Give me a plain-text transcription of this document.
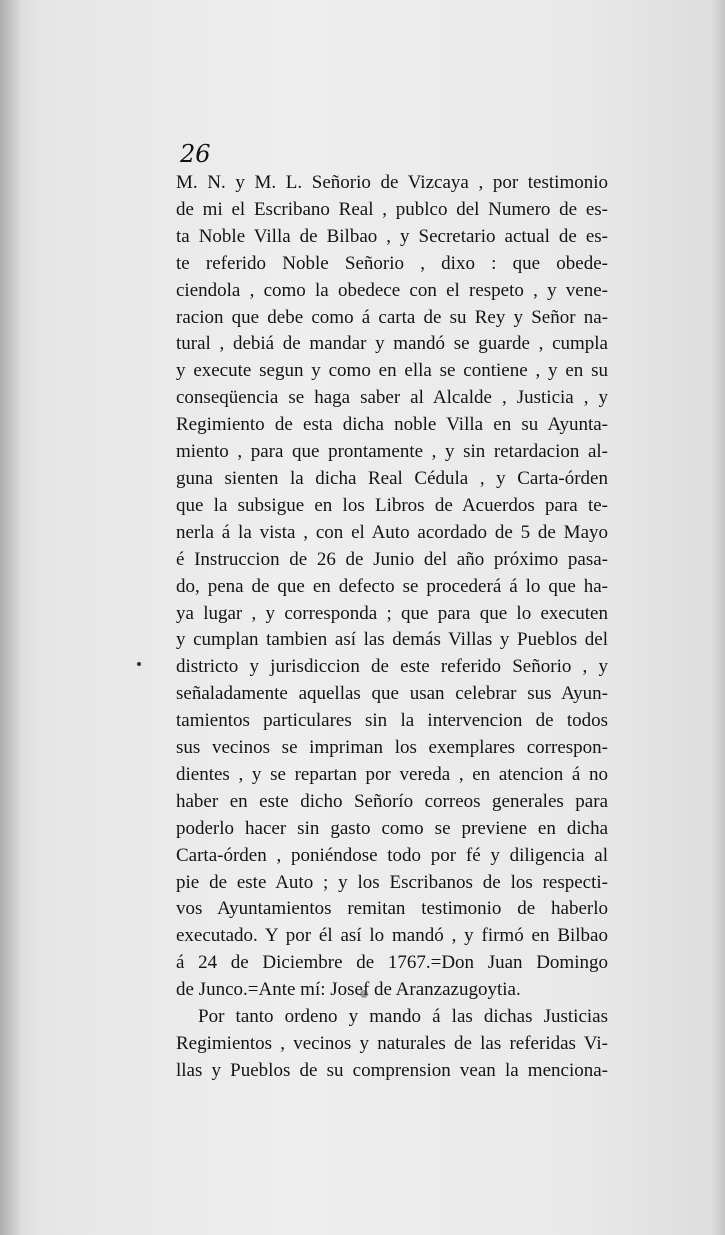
26
M. N. y M. L. Señorio de Vizcaya , por testimonio
de mi el Escribano Real , publco del Numero de es-
ta Noble Villa de Bilbao , y Secretario actual de es-
te referido Noble Señorio , dixo : que obede-
ciendola , como la obedece con el respeto , y vene-
racion que debe como á carta de su Rey y Señor na-
tural , debiá de mandar y mandó se guarde , cumpla
y execute segun y como en ella se contiene , y en su
conseqüencia se haga saber al Alcalde , Justicia , y
Regimiento de esta dicha noble Villa en su Ayunta-
miento , para que prontamente , y sin retardacion al-
guna sienten la dicha Real Cédula , y Carta-órden
que la subsigue en los Libros de Acuerdos para te-
nerla á la vista , con el Auto acordado de 5 de Mayo
é Instruccion de 26 de Junio del año próximo pasa-
do, pena de que en defecto se procederá á lo que ha-
ya lugar , y corresponda ; que para que lo executen
y cumplan tambien así las demás Villas y Pueblos del
districto y jurisdiccion de este referido Señorio , y
señaladamente aquellas que usan celebrar sus Ayun-
tamientos particulares sin la intervencion de todos
sus vecinos se impriman los exemplares correspon-
dientes , y se repartan por vereda , en atencion á no
haber en este dicho Señorío correos generales para
poderlo hacer sin gasto como se previene en dicha
Carta-órden , poniéndose todo por fé y diligencia al
pie de este Auto ; y los Escribanos de los respecti-
vos Ayuntamientos remitan testimonio de haberlo
executado. Y por él así lo mandó , y firmó en Bilbao
á 24 de Diciembre de 1767.=Don Juan Domingo
de Junco.=Ante mí: Josef de Aranzazugoytia.
Por tanto ordeno y mando á las dichas Justicias
Regimientos , vecinos y naturales de las referidas Vi-
llas y Pueblos de su comprension vean la menciona-
